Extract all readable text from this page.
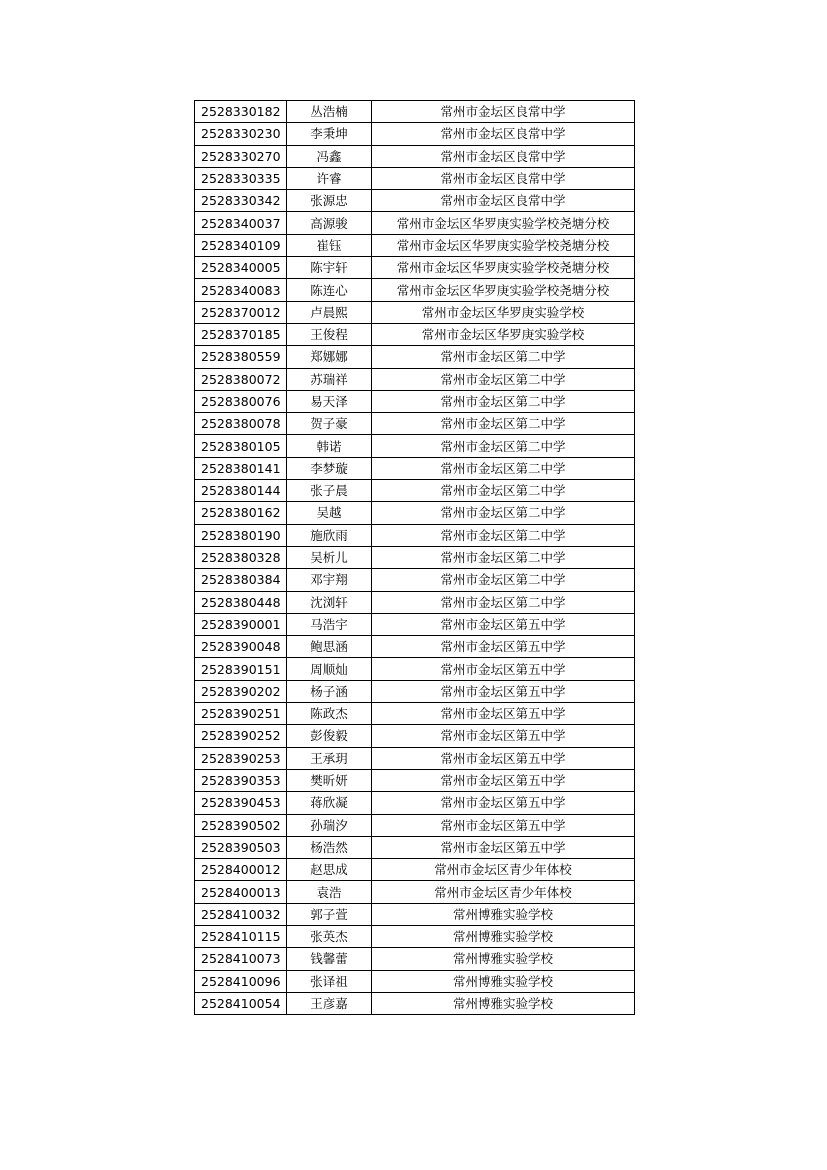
2528330182	丛浩楠	常州市金坛区良常中学
2528330230	李秉坤	常州市金坛区良常中学
2528330270	冯鑫	常州市金坛区良常中学
2528330335	许睿	常州市金坛区良常中学
2528330342	张源忠	常州市金坛区良常中学
2528340037	高源骏	常州市金坛区华罗庚实验学校尧塘分校
2528340109	崔钰	常州市金坛区华罗庚实验学校尧塘分校
2528340005	陈宇轩	常州市金坛区华罗庚实验学校尧塘分校
2528340083	陈连心	常州市金坛区华罗庚实验学校尧塘分校
2528370012	卢晨熙	常州市金坛区华罗庚实验学校
2528370185	王俊程	常州市金坛区华罗庚实验学校
2528380559	郑娜娜	常州市金坛区第二中学
2528380072	苏瑞祥	常州市金坛区第二中学
2528380076	易天泽	常州市金坛区第二中学
2528380078	贺子豪	常州市金坛区第二中学
2528380105	韩诺	常州市金坛区第二中学
2528380141	李梦璇	常州市金坛区第二中学
2528380144	张子晨	常州市金坛区第二中学
2528380162	吴越	常州市金坛区第二中学
2528380190	施欣雨	常州市金坛区第二中学
2528380328	吴析儿	常州市金坛区第二中学
2528380384	邓宇翔	常州市金坛区第二中学
2528380448	沈浏轩	常州市金坛区第二中学
2528390001	马浩宇	常州市金坛区第五中学
2528390048	鲍思涵	常州市金坛区第五中学
2528390151	周顺灿	常州市金坛区第五中学
2528390202	杨子涵	常州市金坛区第五中学
2528390251	陈政杰	常州市金坛区第五中学
2528390252	彭俊毅	常州市金坛区第五中学
2528390253	王承玥	常州市金坛区第五中学
2528390353	樊昕妍	常州市金坛区第五中学
2528390453	蒋欣凝	常州市金坛区第五中学
2528390502	孙瑞汐	常州市金坛区第五中学
2528390503	杨浩然	常州市金坛区第五中学
2528400012	赵思成	常州市金坛区青少年体校
2528400013	袁浩	常州市金坛区青少年体校
2528410032	郭子萱	常州博雅实验学校
2528410115	张英杰	常州博雅实验学校
2528410073	钱馨蕾	常州博雅实验学校
2528410096	张译祖	常州博雅实验学校
2528410054	王彦嘉	常州博雅实验学校
